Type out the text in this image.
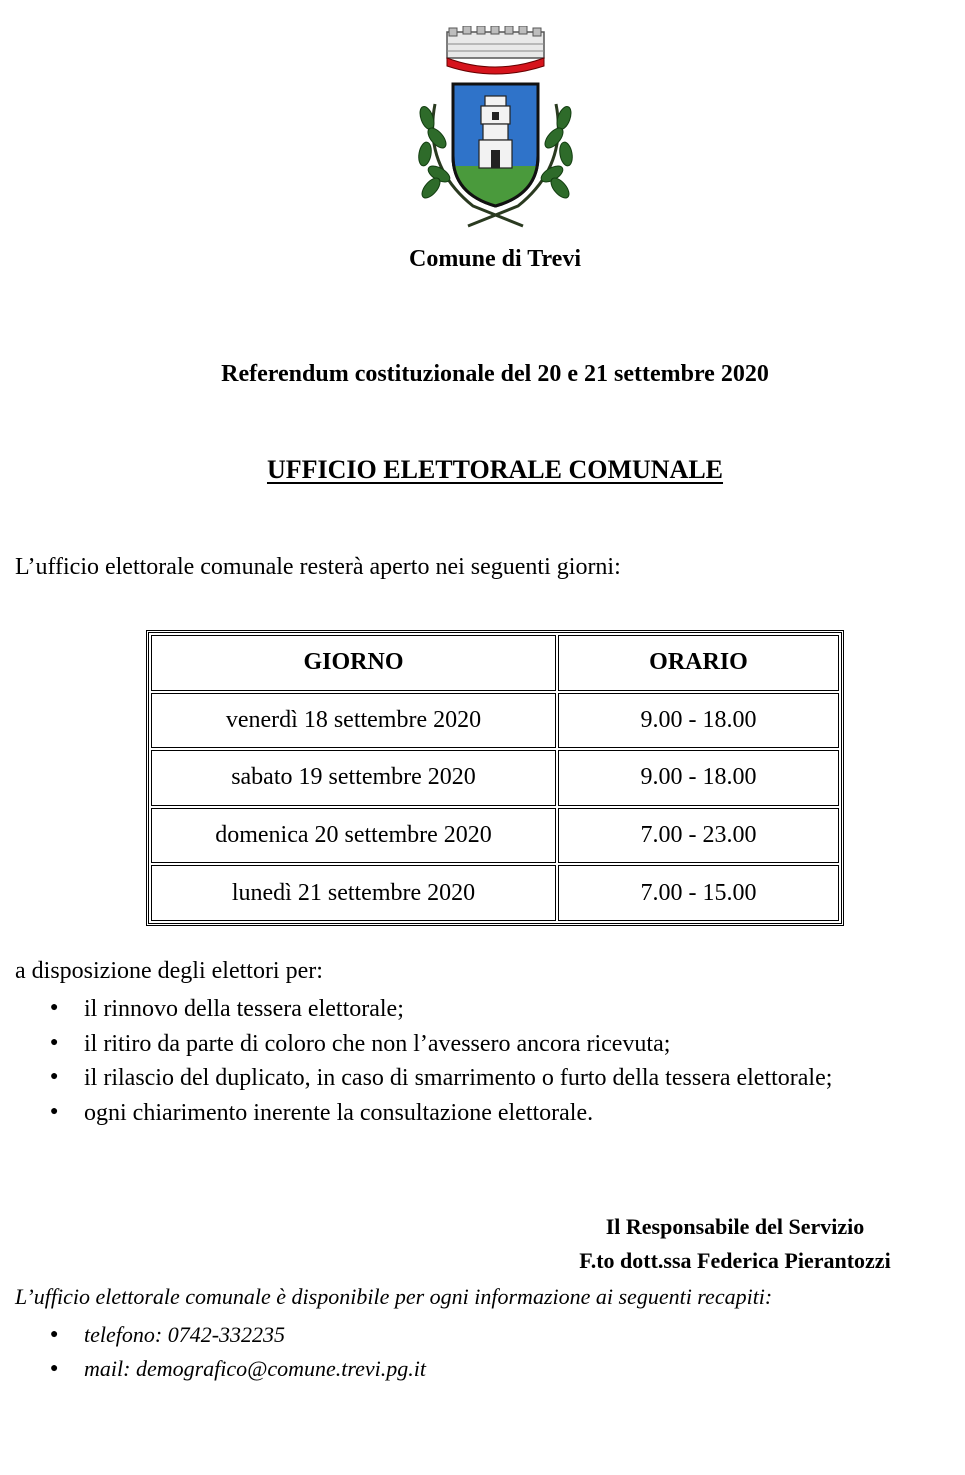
Comune di Trevi
Referendum costituzionale del 20 e 21 settembre 2020
UFFICIO ELETTORALE COMUNALE
L’ufficio elettorale comunale resterà aperto nei seguenti giorni:
GIORNO	ORARIO
venerdì 18 settembre 2020	9.00 - 18.00
sabato 19 settembre 2020	9.00 - 18.00
domenica 20 settembre 2020	7.00 - 23.00
lunedì 21 settembre 2020	7.00 - 15.00
a disposizione degli elettori per:
● il rinnovo della tessera elettorale;
● il ritiro da parte di coloro che non l’avessero ancora ricevuta;
● il rilascio del duplicato, in caso di smarrimento o furto della tessera elettorale;
● ogni chiarimento inerente la consultazione elettorale.
Il Responsabile del Servizio
F.to dott.ssa Federica Pierantozzi
L’ufficio elettorale comunale è disponibile per ogni informazione ai seguenti recapiti:
● telefono: 0742-332235
● mail: demografico@comune.trevi.pg.it
